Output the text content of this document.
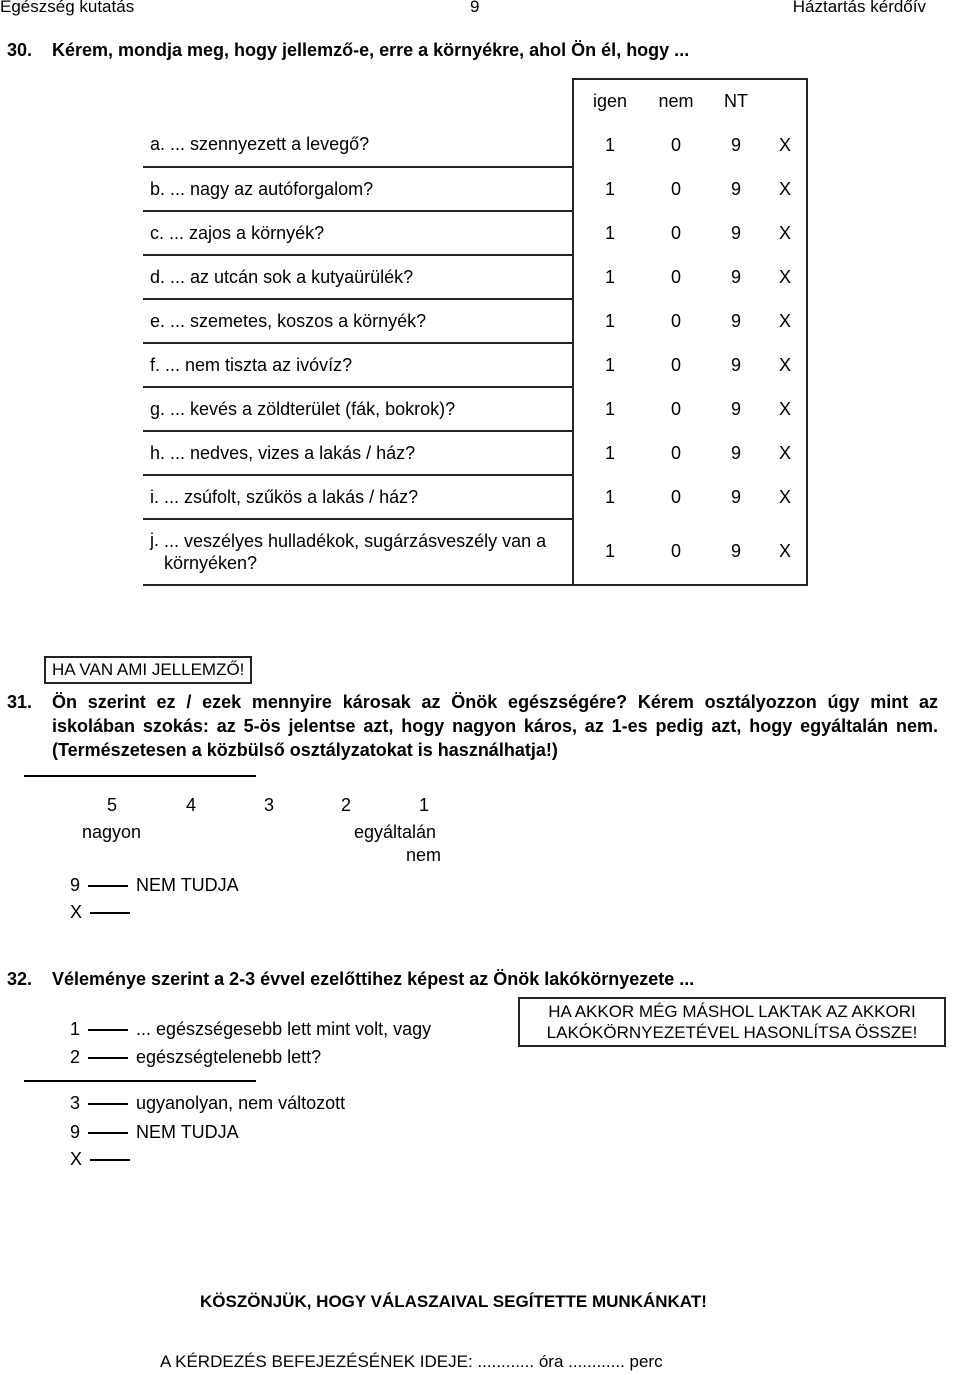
Egészség kutatás	9	Háztartás kérdőív
30. Kérem, mondja meg, hogy jellemző-e, erre a környékre, ahol Ön él, hogy ...
	igen nem NT
a. ... szennyezett a levegő?	1 0 9 X
b. ... nagy az autóforgalom?	1 0 9 X
c. ... zajos a környék?	1 0 9 X
d. ... az utcán sok a kutyaürülék?	1 0 9 X
e. ... szemetes, koszos a környék?	1 0 9 X
f. ... nem tiszta az ivóvíz?	1 0 9 X
g. ... kevés a zöldterület (fák, bokrok)?	1 0 9 X
h. ... nedves, vizes a lakás / ház?	1 0 9 X
i. ... zsúfolt, szűkös a lakás / ház?	1 0 9 X

j. ... veszélyes hulladékok, sugárzásveszély van a környéken?	1 0 9 X
HA VAN AMI JELLEMZŐ!
31. Ön szerint ez / ezek mennyire károsak az Önök egészségére? Kérem osztályozzon úgy mint az iskolában szokás: az 5-ös jelentse azt, hogy nagyon káros, az 1-es pedig azt, hogy egyáltalán nem. (Természetesen a közbülső osztályzatokat is használhatja!)
5	4	3	2	1
nagyon	egyáltalán
nem
9	NEM TUDJA
X
32. Véleménye szerint a 2-3 évvel ezelőttihez képest az Önök lakókörnyezete ...
HA AKKOR MÉG MÁSHOL LAKTAK AZ AKKORI
LAKÓKÖRNYEZETÉVEL HASONLÍTSA ÖSSZE!
1	... egészségesebb lett mint volt, vagy
2	egészségtelenebb lett?
3	ugyanolyan, nem változott
9	NEM TUDJA
X
KÖSZÖNJÜK, HOGY VÁLASZAIVAL SEGÍTETTE MUNKÁNKAT!
A KÉRDEZÉS BEFEJEZÉSÉNEK IDEJE: ............ óra ............ perc
